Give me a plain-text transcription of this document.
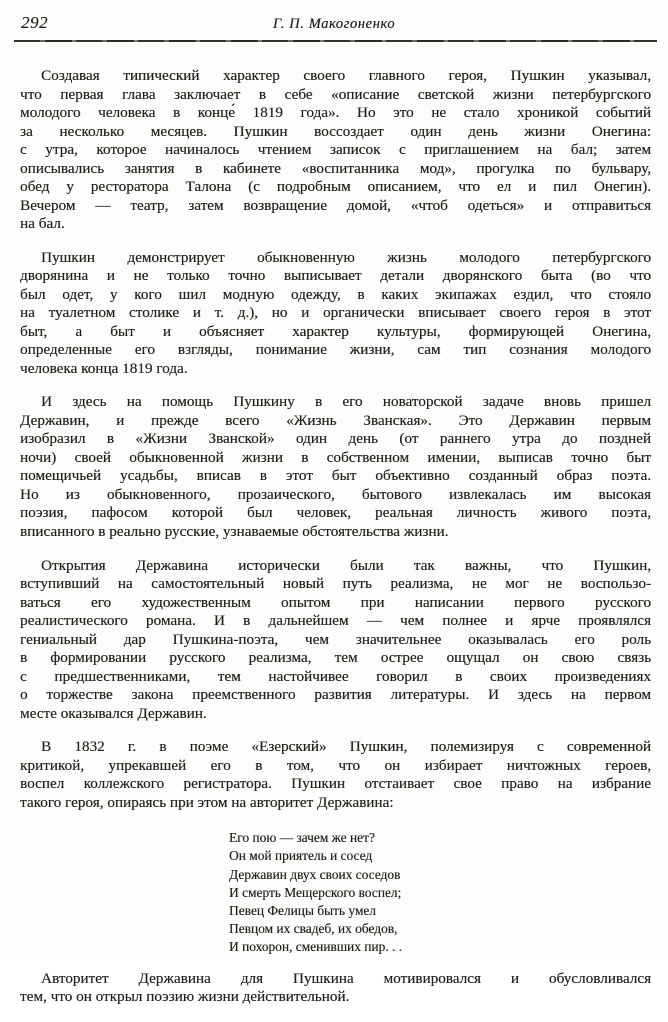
292	Г. П. Макогоненко

Создавая типический характер своего главного героя, Пушкин указывал,
что первая глава заключает в себе «описание светской жизни петербургского
молодого человека в конце́ 1819 года». Но это не стало хроникой событий
за несколько месяцев. Пушкин воссоздает один день жизни Онегина:
с утра, которое начиналось чтением записок с приглашением на бал; затем
описывались занятия в кабинете «воспитанника мод», прогулка по бульвару,
обед у ресторатора Талона (с подробным описанием, что ел и пил Онегин).
Вечером — театр, затем возвращение домой, «чтоб одеться» и отправиться
на бал.

Пушкин демонстрирует обыкновенную жизнь молодого петербургского
дворянина и не только точно выписывает детали дворянского быта (во что
был одет, у кого шил модную одежду, в каких экипажах ездил, что стояло
на туалетном столике и т. д.), но и органически вписывает своего героя в этот
быт, а быт и объясняет характер культуры, формирующей Онегина,
определенные его взгляды, понимание жизни, сам тип сознания молодого
человека конца 1819 года.

И здесь на помощь Пушкину в его новаторской задаче вновь пришел
Державин, и прежде всего «Жизнь Званская». Это Державин первым
изобразил в «Жизни Званской» один день (от раннего утра до поздней
ночи) своей обыкновенной жизни в собственном имении, выписав точно быт
помещичьей усадьбы, вписав в этот быт объективно созданный образ поэта.
Но из обыкновенного, прозаического, бытового извлекалась им высокая
поэзия, пафосом которой был человек, реальная личность живого поэта,
вписанного в реально русские, узнаваемые обстоятельства жизни.

Открытия Державина исторически были так важны, что Пушкин,
вступивший на самостоятельный новый путь реализма, не мог не воспользо-
ваться его художественным опытом при написании первого русского
реалистического романа. И в дальнейшем — чем полнее и ярче проявлялся
гениальный дар Пушкина-поэта, чем значительнее оказывалась его роль
в формировании русского реализма, тем острее ощущал он свою связь
с предшественниками, тем настойчивее говорил в своих произведениях
о торжестве закона преемственного развития литературы. И здесь на первом
месте оказывался Державин.

В 1832 г. в поэме «Езерский» Пушкин, полемизируя с современной
критикой, упрекавшей его в том, что он избирает ничтожных героев,
воспел коллежского регистратора. Пушкин отстаивает свое право на избрание
такого героя, опираясь при этом на авторитет Державина:

Его пою — зачем же нет?
Он мой приятель и сосед
Державин двух своих соседов
И смерть Мещерского воспел;
Певец Фелицы быть умел
Певцом их свадеб, их обедов,
И похорон, сменивших пир. . .

Авторитет Державина для Пушкина мотивировался и обусловливался
тем, что он открыл поэзию жизни действительной.
